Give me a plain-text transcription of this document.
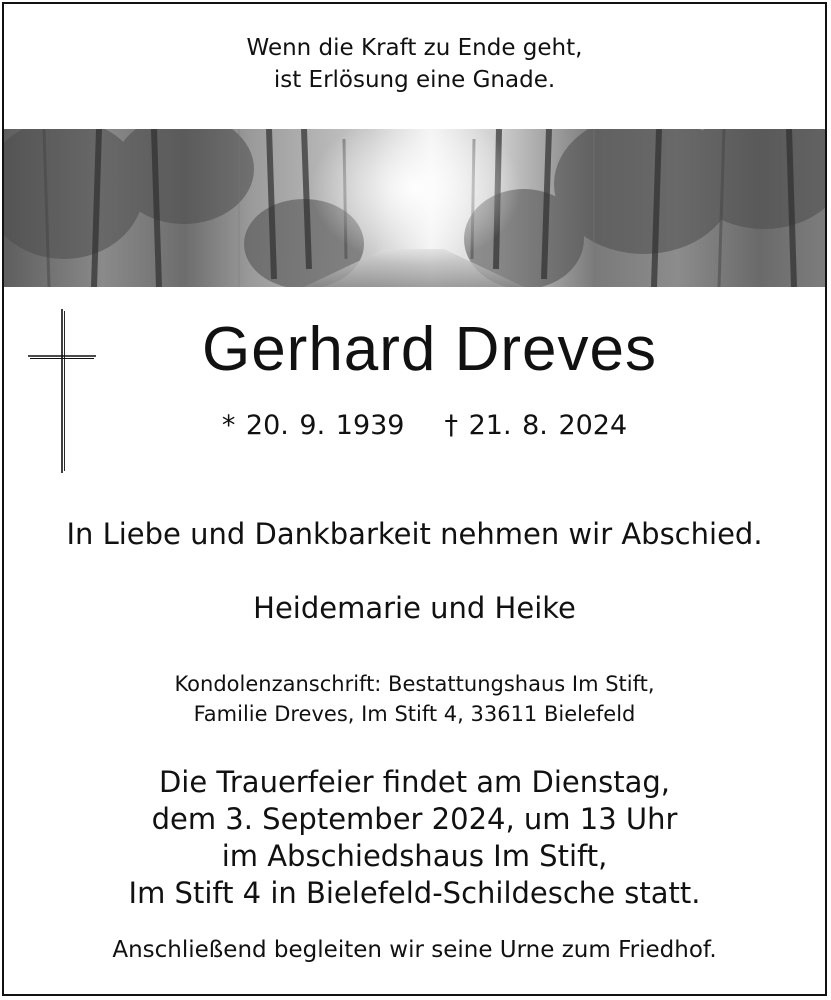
Wenn die Kraft zu Ende geht,
ist Erlösung eine Gnade.
Gerhard Dreves
* 20. 9. 1939 † 21. 8. 2024
In Liebe und Dankbarkeit nehmen wir Abschied.
Heidemarie und Heike
Kondolenzanschrift: Bestattungshaus Im Stift,
Familie Dreves, Im Stift 4, 33611 Bielefeld
Die Trauerfeier findet am Dienstag,
dem 3. September 2024, um 13 Uhr
im Abschiedshaus Im Stift,
Im Stift 4 in Bielefeld-Schildesche statt.
Anschließend begleiten wir seine Urne zum Friedhof.
